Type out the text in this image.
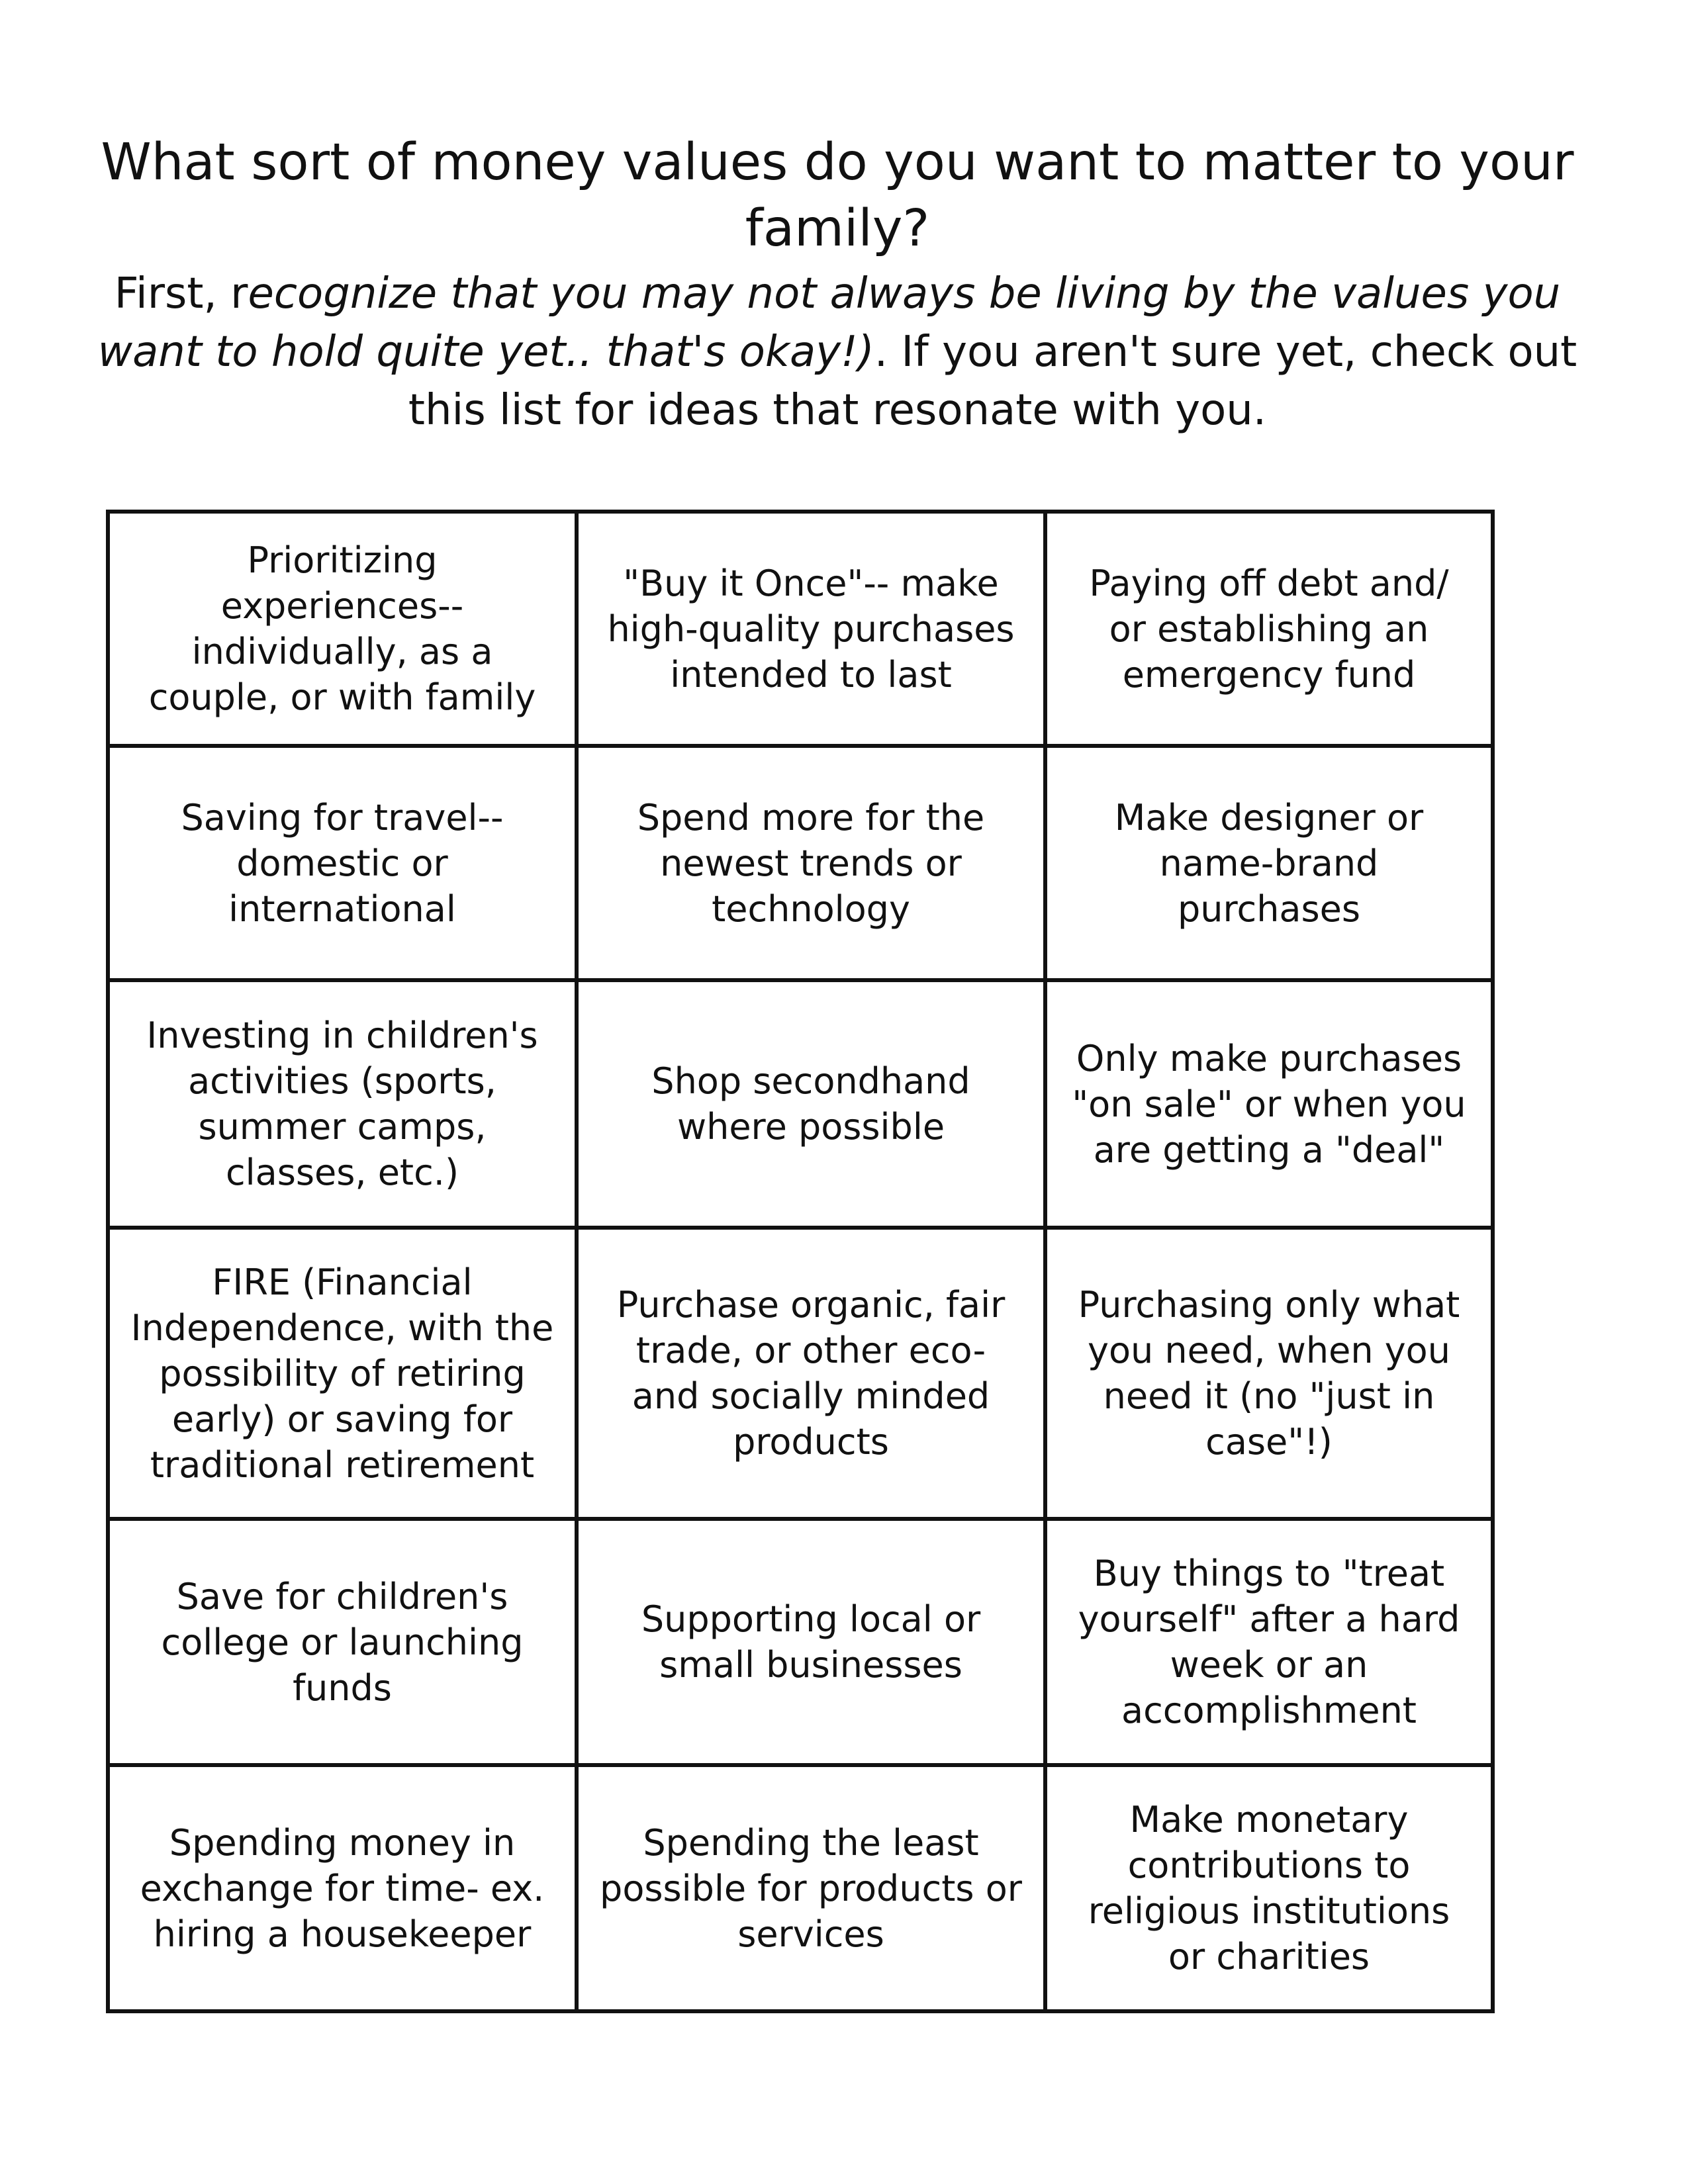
What sort of money values do you want to matter to your family?

First, recognize that you may not always be living by the values you want to hold quite yet.. that's okay!). If you aren't sure yet, check out this list for ideas that resonate with you.

Prioritizing experiences--individually, as a couple, or with family	"Buy it Once"-- make high-quality purchases intended to last	Paying off debt and/ or establishing an emergency fund
Saving for travel--domestic or international	Spend more for the newest trends or technology	Make designer or name-brand purchases
Investing in children's activities (sports, summer camps, classes, etc.)	Shop secondhand where possible	Only make purchases "on sale" or when you are getting a "deal"
FIRE (Financial Independence, with the possibility of retiring early) or saving for traditional retirement	Purchase organic, fair trade, or other eco- and socially minded products	Purchasing only what you need, when you need it (no "just in case"!)
Save for children's college or launching funds	Supporting local or small businesses	Buy things to "treat yourself" after a hard week or an accomplishment
Spending money in exchange for time- ex. hiring a housekeeper	Spending the least possible for products or services	Make monetary contributions to religious institutions or charities
